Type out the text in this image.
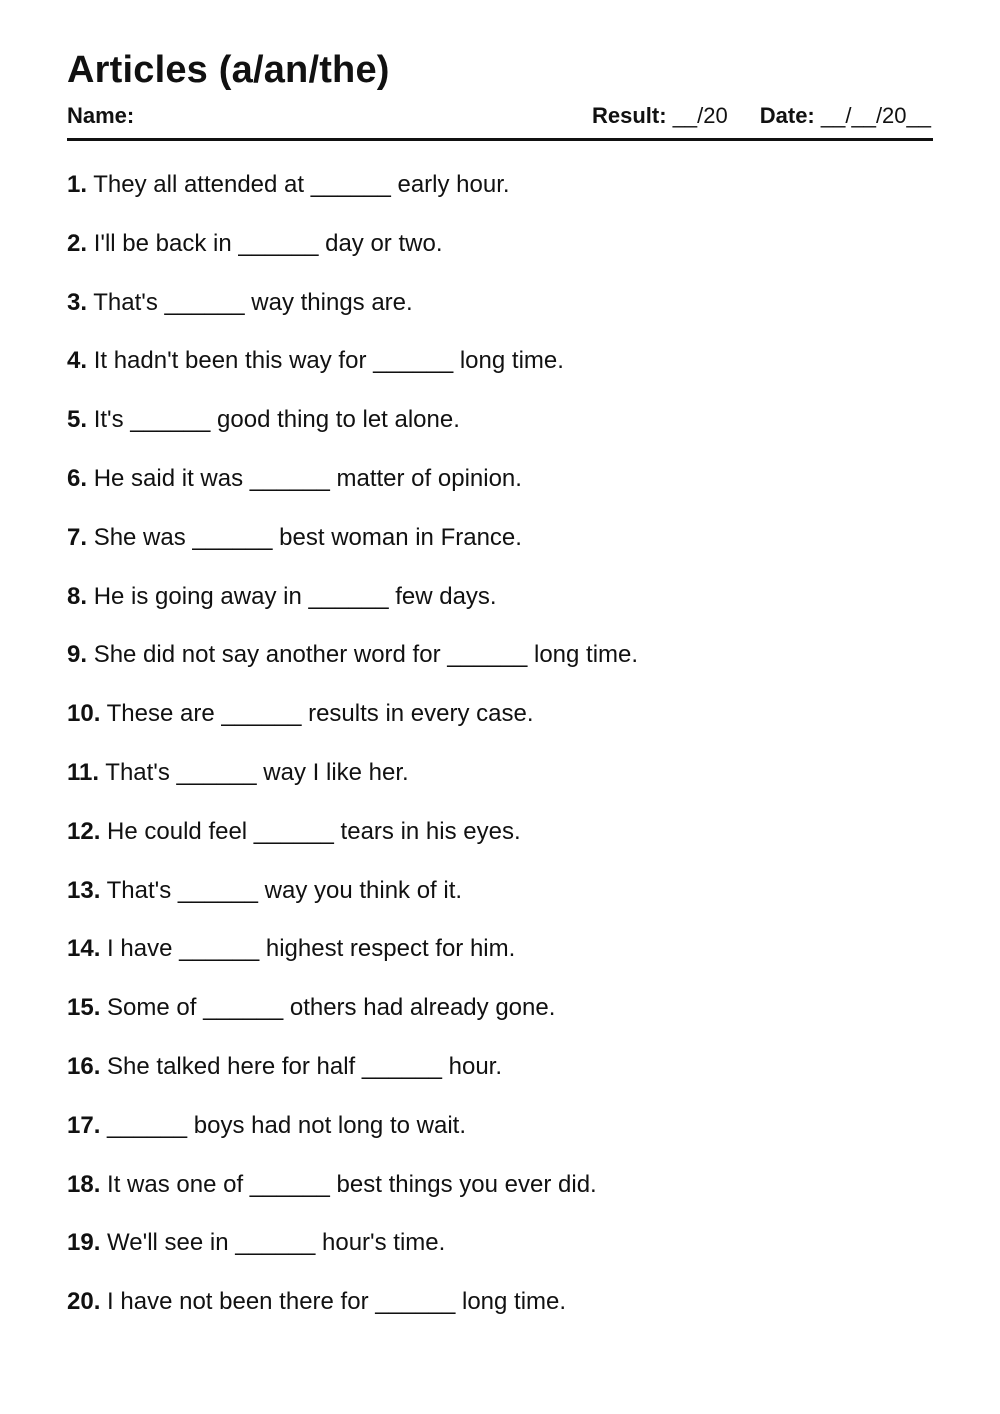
Articles (a/an/the)
Name:	Result: __/20 Date: __/__/20__
1. They all attended at ______ early hour.
2. I'll be back in ______ day or two.
3. That's ______ way things are.
4. It hadn't been this way for ______ long time.
5. It's ______ good thing to let alone.
6. He said it was ______ matter of opinion.
7. She was ______ best woman in France.
8. He is going away in ______ few days.
9. She did not say another word for ______ long time.
10. These are ______ results in every case.
11. That's ______ way I like her.
12. He could feel ______ tears in his eyes.
13. That's ______ way you think of it.
14. I have ______ highest respect for him.
15. Some of ______ others had already gone.
16. She talked here for half ______ hour.
17. ______ boys had not long to wait.
18. It was one of ______ best things you ever did.
19. We'll see in ______ hour's time.
20. I have not been there for ______ long time.
